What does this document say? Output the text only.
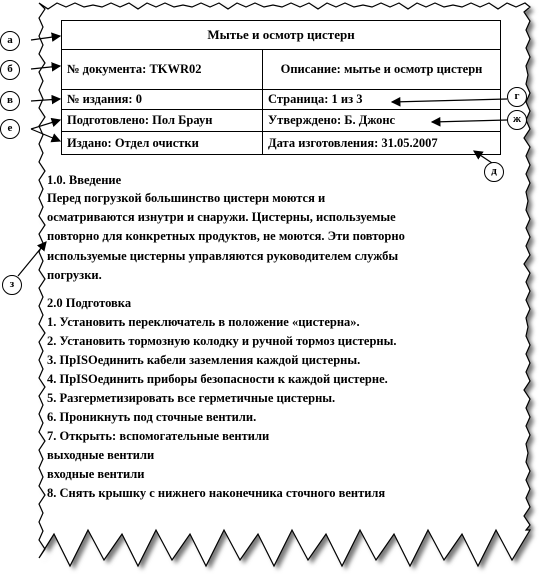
Мытье и осмотр цистерн
№ документа: TKWR02	Описание: мытье и осмотр цистерн
№ издания: 0	Страница: 1 из 3
Подготовлено: Пол Браун	Утверждено: Б. Джонс
Издано: Отдел очистки	Дата изготовления: 31.05.2007
а
б
в
е
г
ж
д
з
1.0. Введение
Перед погрузкой большинство цистерн моются и
осматриваются изнутри и снаружи. Цистерны, используемые
повторно для конкретных продуктов, не моются. Эти повторно
используемые цистерны управляются руководителем службы
погрузки.
2.0 Подготовка
1. Установить переключатель в положение «цистерна».
2. Установить тормозную колодку и ручной тормоз цистерны.
3. ПрISOединить кабели заземления каждой цистерны.
4. ПрISOединить приборы безопасности к каждой цистерне.
5. Разгерметизировать все герметичные цистерны.
6. Проникнуть под сточные вентили.
7. Открыть: вспомогательные вентили
выходные вентили
входные вентили
8. Снять крышку с нижнего наконечника сточного вентиля
